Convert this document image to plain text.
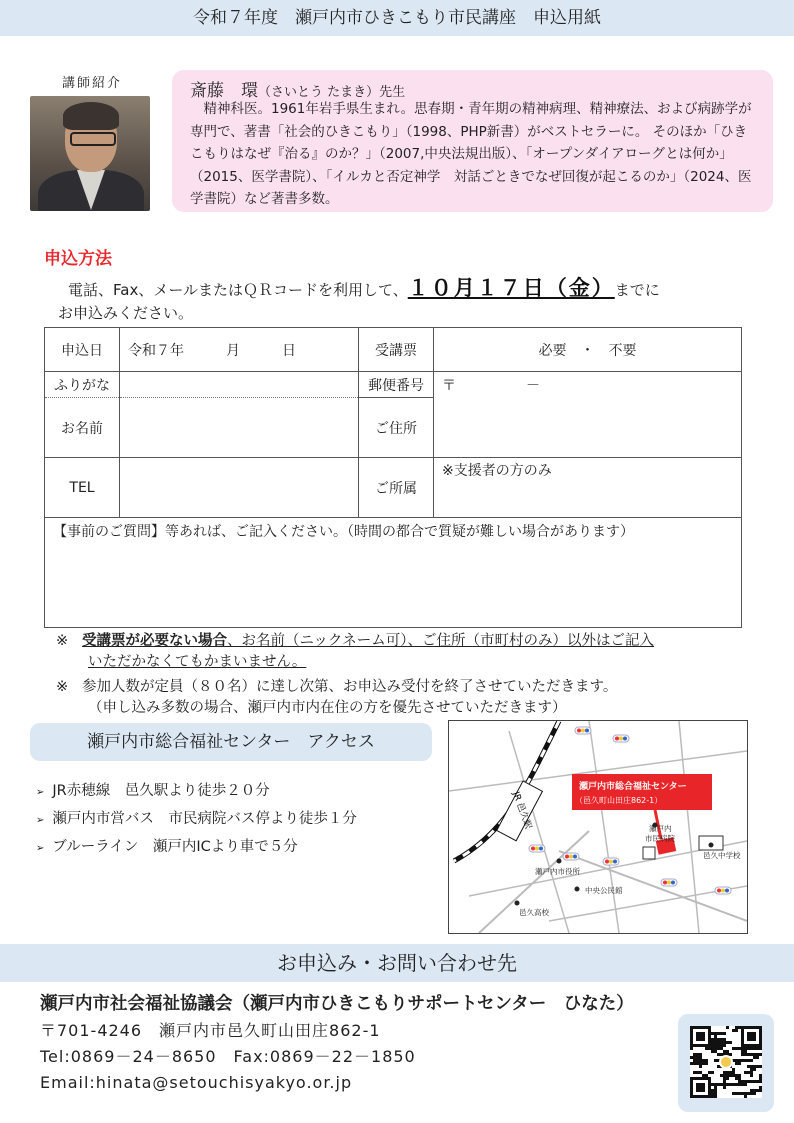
令和７年度　瀬戸内市ひきこもり市民講座　申込用紙
講師紹介	斎藤　環（さいとう たまき）先生
精神科医。1961年岩手県生まれ。思春期・青年期の精神病理、精神療法、および病跡学が専門で、著書「社会的ひきこもり」（1998、PHP新書）がベストセラーに。 そのほか「ひきこもりはなぜ『治る』のか？」（2007,中央法規出版）、「オープンダイアローグとは何か」（2015、医学書院）、「イルカと否定神学　対話ごときでなぜ回復が起こるのか」（2024、医学書院）など著書多数。
申込方法
電話、Fax、メールまたはＱＲコードを利用して、１０月１７日（金）までに
お申込みください。
申込日	令和７年　　　月　　　日	受講票	必要　・　不要
ふりがな		郵便番号	〒　　　　　－
お名前		ご住所	
TEL		ご所属	※支援者の方のみ
【事前のご質問】等あれば、ご記入ください。（時間の都合で質疑が難しい場合があります）			
※ 受講票が必要ない場合、お名前（ニックネーム可）、ご住所（市町村のみ）以外はご記入
いただかなくてもかまいません。
※ 参加人数が定員（８０名）に達し次第、お申込み受付を終了させていただきます。
（申し込み多数の場合、瀬戸内市内在住の方を優先させていただきます）
瀬戸内市総合福祉センター　アクセス
➢ JR赤穂線　邑久駅より徒歩２０分
➢ 瀬戸内市営バス　市民病院バス停より徒歩１分
➢ ブルーライン　瀬戸内ICより車で５分
JR 邑久駅
瀬戸内市総合福祉センター
（邑久町山田庄862-1）
瀬戸内
市民病院
邑久中学校
瀬戸内市役所
中央公民館
邑久高校
お申込み・お問い合わせ先
瀬戸内市社会福祉協議会（瀬戸内市ひきこもりサポートセンター　ひなた）
〒701-4246　瀬戸内市邑久町山田庄862-1
Tel:0869－24－8650　Fax:0869－22－1850
Email:hinata@setouchisyakyo.or.jp
